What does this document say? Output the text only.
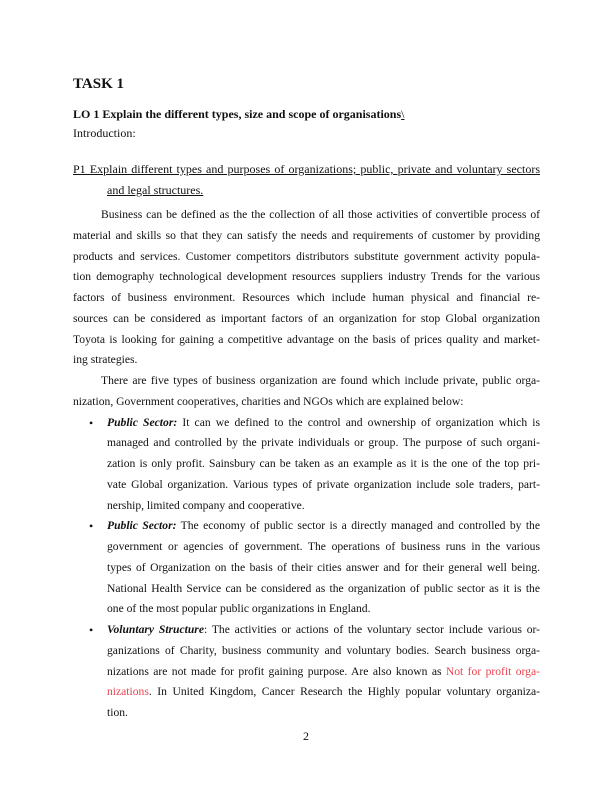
TASK 1
LO 1 Explain the different types, size and scope of organisations\
Introduction:
P1 Explain different types and purposes of organizations; public, private and voluntary sectors
and legal structures.
Business can be defined as the the collection of all those activities of convertible process of
material and skills so that they can satisfy the needs and requirements of customer by providing
products and services. Customer competitors distributors substitute government activity popula-
tion demography technological development resources suppliers industry Trends for the various
factors of business environment. Resources which include human physical and financial re-
sources can be considered as important factors of an organization for stop Global organization
Toyota is looking for gaining a competitive advantage on the basis of prices quality and market-
ing strategies.
There are five types of business organization are found which include private, public orga-
nization, Government cooperatives, charities and NGOs which are explained below:
• Public Sector: It can we defined to the control and ownership of organization which is
managed and controlled by the private individuals or group. The purpose of such organi-
zation is only profit. Sainsbury can be taken as an example as it is the one of the top pri-
vate Global organization. Various types of private organization include sole traders, part-
nership, limited company and cooperative.
• Public Sector: The economy of public sector is a directly managed and controlled by the
government or agencies of government. The operations of business runs in the various
types of Organization on the basis of their cities answer and for their general well being.
National Health Service can be considered as the organization of public sector as it is the
one of the most popular public organizations in England.
• Voluntary Structure: The activities or actions of the voluntary sector include various or-
ganizations of Charity, business community and voluntary bodies. Search business orga-
nizations are not made for profit gaining purpose. Are also known as Not for profit orga-
nizations. In United Kingdom, Cancer Research the Highly popular voluntary organiza-
tion.
2
